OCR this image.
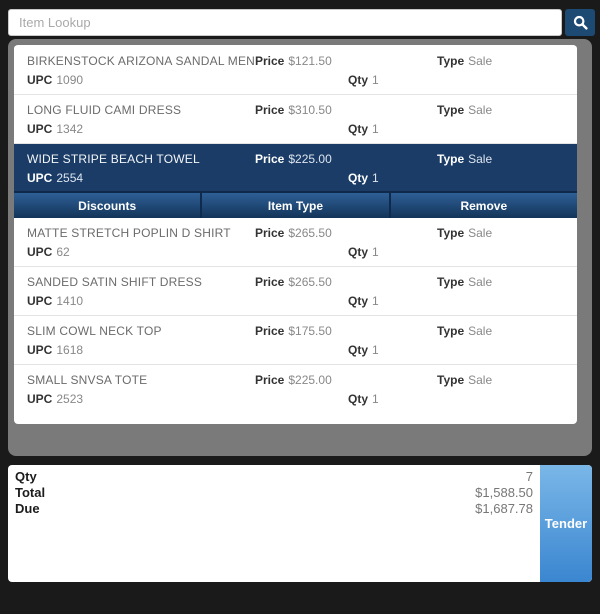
Item Lookup
BIRKENSTOCK ARIZONA SANDAL MEN
UPC 1090
Price $121.50
Qty 1
Type Sale
LONG FLUID CAMI DRESS
UPC 1342
Price $310.50
Qty 1
Type Sale
WIDE STRIPE BEACH TOWEL
UPC 2554
Price $225.00
Qty 1
Type Sale
Discounts	Item Type	Remove
MATTE STRETCH POPLIN D SHIRT
UPC 62
Price $265.50
Qty 1
Type Sale
SANDED SATIN SHIFT DRESS
UPC 1410
Price $265.50
Qty 1
Type Sale
SLIM COWL NECK TOP
UPC 1618
Price $175.50
Qty 1
Type Sale
SMALL SNVSA TOTE
UPC 2523
Price $225.00
Qty 1
Type Sale
Qty	7
Total	$1,588.50
Due	$1,687.78
Tender
